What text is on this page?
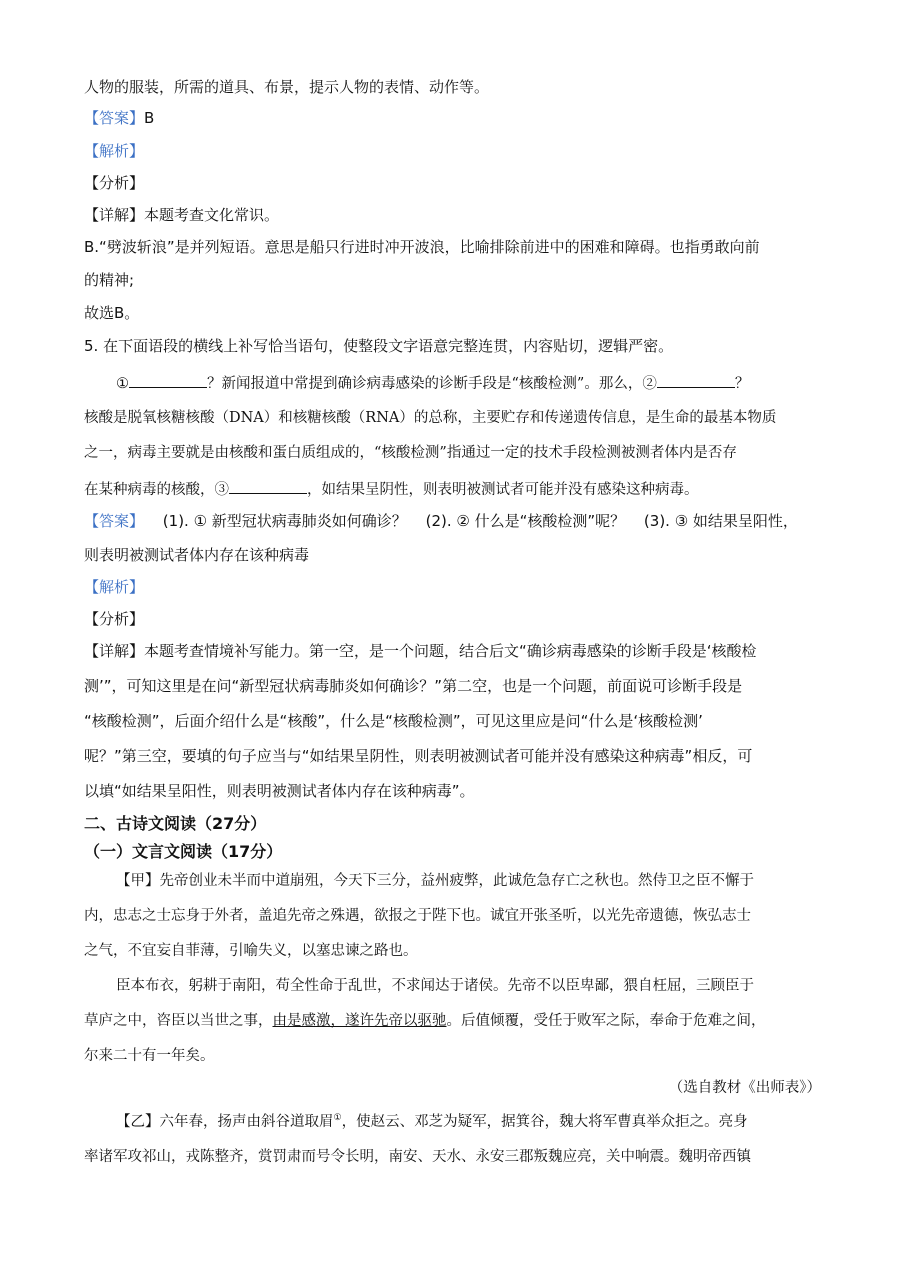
人物的服装，所需的道具、布景，提示人物的表情、动作等。
【答案】B
【解析】
【分析】
【详解】本题考查文化常识。
B.“劈波斩浪”是并列短语。意思是船只行进时冲开波浪，比喻排除前进中的困难和障碍。也指勇敢向前
的精神;
故选B。
5. 在下面语段的横线上补写恰当语句，使整段文字语意完整连贯，内容贴切，逻辑严密。
①	？新闻报道中常提到确诊病毒感染的诊断手段是“核酸检测”。那么，②	？
核酸是脱氧核糖核酸（DNA）和核糖核酸（RNA）的总称，主要贮存和传递遗传信息，是生命的最基本物质
之一，病毒主要就是由核酸和蛋白质组成的，“核酸检测”指通过一定的技术手段检测被测者体内是否存
在某种病毒的核酸，③	，如结果呈阴性，则表明被测试者可能并没有感染这种病毒。
【答案】 (1). ① 新型冠状病毒肺炎如何确诊？ (2). ② 什么是“核酸检测”呢？ (3). ③ 如结果呈阳性，
则表明被测试者体内存在该种病毒
【解析】
【分析】
【详解】本题考查情境补写能力。第一空，是一个问题，结合后文“确诊病毒感染的诊断手段是‘核酸检
测’”，可知这里是在问“新型冠状病毒肺炎如何确诊？”第二空，也是一个问题，前面说可诊断手段是
“核酸检测”，后面介绍什么是“核酸”，什么是“核酸检测”，可见这里应是问“什么是‘核酸检测’
呢？”第三空，要填的句子应当与“如结果呈阴性，则表明被测试者可能并没有感染这种病毒”相反，可
以填“如结果呈阳性，则表明被测试者体内存在该种病毒”。
二、古诗文阅读（27分）
（一）文言文阅读（17分）
【甲】先帝创业未半而中道崩殂，今天下三分，益州疲弊，此诚危急存亡之秋也。然侍卫之臣不懈于
内，忠志之士忘身于外者，盖追先帝之殊遇，欲报之于陛下也。诚宜开张圣听，以光先帝遗德，恢弘志士
之气，不宜妄自菲薄，引喻失义，以塞忠谏之路也。
臣本布衣，躬耕于南阳，苟全性命于乱世，不求闻达于诸侯。先帝不以臣卑鄙，猥自枉屈，三顾臣于
草庐之中，咨臣以当世之事，由是感激，遂许先帝以驱驰。后值倾覆，受任于败军之际，奉命于危难之间，
尔来二十有一年矣。
（选自教材《出师表》）
【乙】六年春，扬声由斜谷道取眉①，使赵云、邓芝为疑军，据箕谷，魏大将军曹真举众拒之。亮身
率诸军攻祁山，戎陈整齐，赏罚肃而号令长明，南安、天水、永安三郡叛魏应亮，关中响震。魏明帝西镇
